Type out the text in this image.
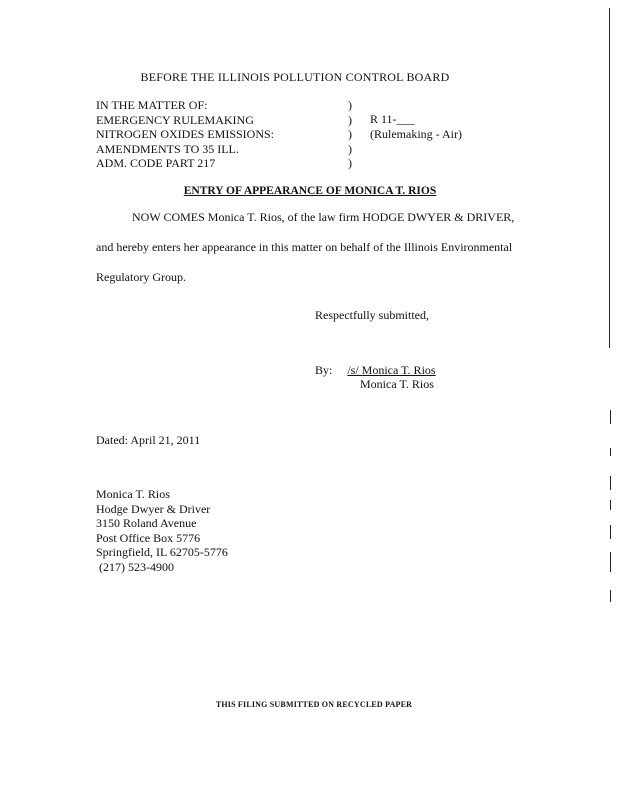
BEFORE THE ILLINOIS POLLUTION CONTROL BOARD
IN THE MATTER OF:
EMERGENCY RULEMAKING
NITROGEN OXIDES EMISSIONS:
AMENDMENTS TO 35 ILL.
ADM. CODE PART 217
)
)
)
)
)
R 11-___
(Rulemaking - Air)
ENTRY OF APPEARANCE OF MONICA T. RIOS
NOW COMES Monica T. Rios, of the law firm HODGE DWYER & DRIVER,
and hereby enters her appearance in this matter on behalf of the Illinois Environmental
Regulatory Group.
Respectfully submitted,
By: /s/ Monica T. Rios
Monica T. Rios
Dated: April 21, 2011
Monica T. Rios
Hodge Dwyer & Driver
3150 Roland Avenue
Post Office Box 5776
Springfield, IL 62705-5776
(217) 523-4900
THIS FILING SUBMITTED ON RECYCLED PAPER
